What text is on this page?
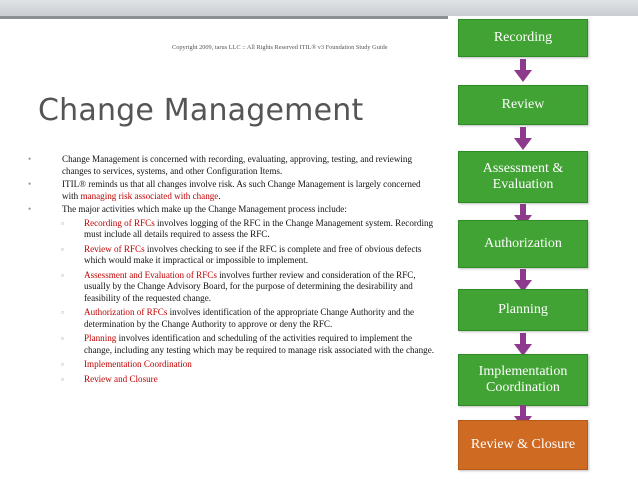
· · ·
Copyright 2009, tarus LLC :: All Rights Reserved ITIL® v3 Foundation Study Guide
Change Management
•	Change Management is concerned with recording, evaluating, approving, testing, and reviewing changes to services, systems, and other Configuration Items.
•	ITIL® reminds us that all changes involve risk. As such Change Management is largely concerned with managing risk associated with change.
•	The major activities which make up the Change Management process include:
▫ Recording of RFCs involves logging of the RFC in the Change Management system. Recording must include all details required to assess the RFC.
▫ Review of RFCs involves checking to see if the RFC is complete and free of obvious defects which would make it impractical or impossible to implement.
▫ Assessment and Evaluation of RFCs involves further review and consideration of the RFC, usually by the Change Advisory Board, for the purpose of determining the desirability and feasibility of the requested change.
▫ Authorization of RFCs involves identification of the appropriate Change Authority and the determination by the Change Authority to approve or deny the RFC.
▫ Planning involves identification and scheduling of the activities required to implement the change, including any testing which may be required to manage risk associated with the change.
▫ Implementation Coordination
▫ Review and Closure
Recording
Review
Assessment & Evaluation
Authorization
Planning
Implementation Coordination
Review & Closure
